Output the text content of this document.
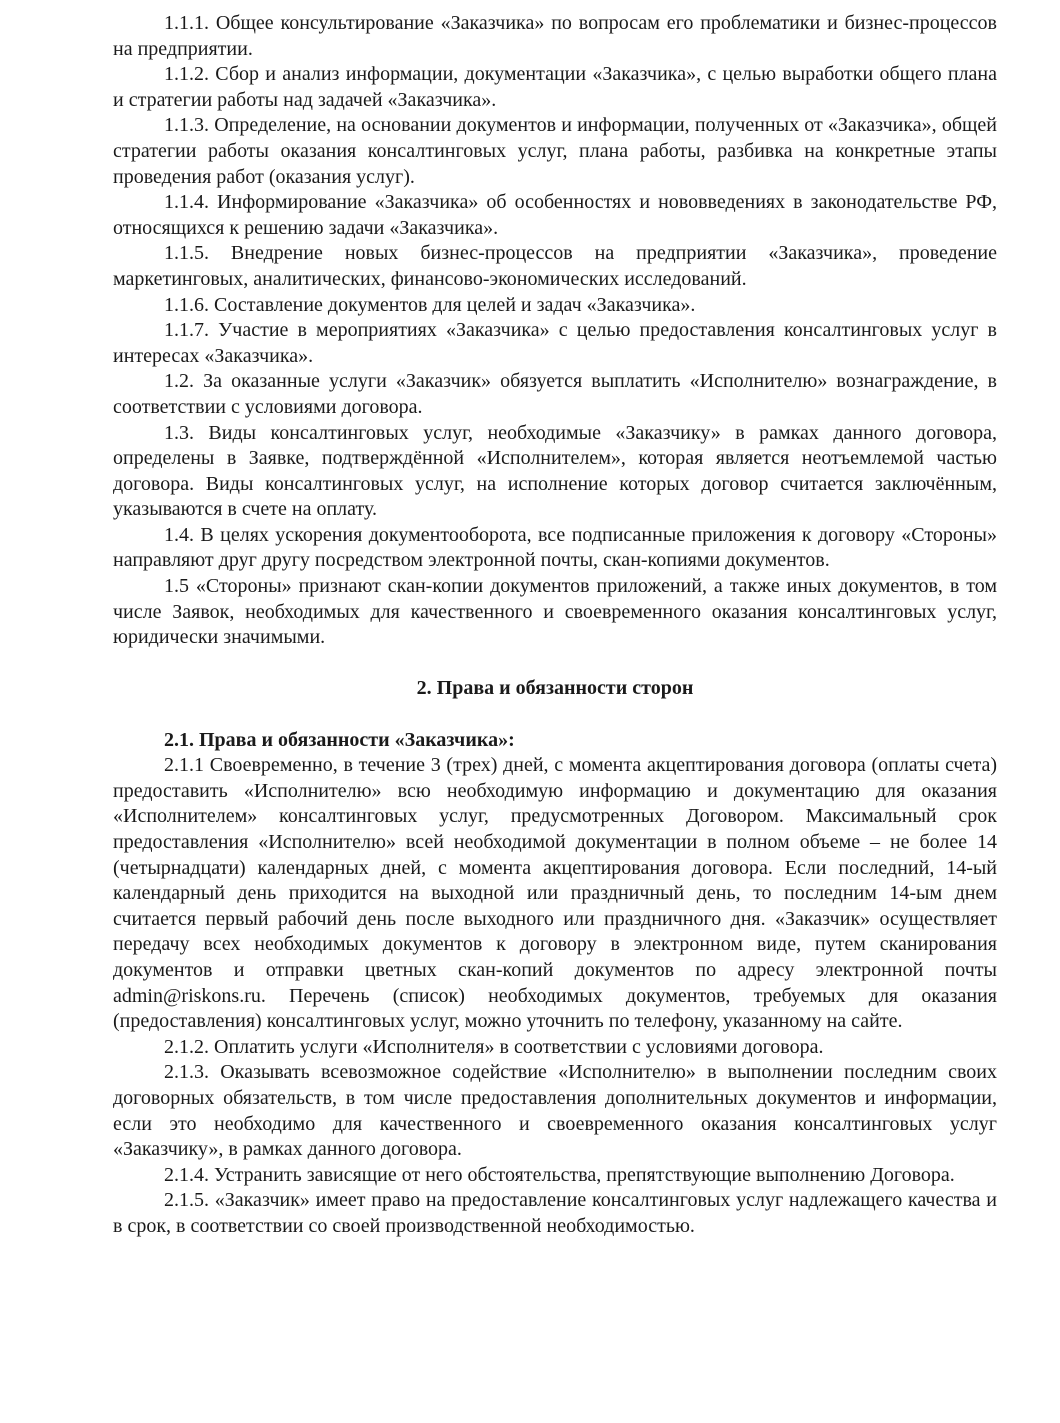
1.1.1. Общее консультирование «Заказчика» по вопросам его проблематики и бизнес-процессов на предприятии.

1.1.2. Сбор и анализ информации, документации «Заказчика», с целью выработки общего плана и стратегии работы над задачей «Заказчика».

1.1.3. Определение, на основании документов и информации, полученных от «Заказчика», общей стратегии работы оказания консалтинговых услуг, плана работы, разбивка на конкретные этапы проведения работ (оказания услуг).

1.1.4. Информирование «Заказчика» об особенностях и нововведениях в законодательстве РФ, относящихся к решению задачи «Заказчика».

1.1.5. Внедрение новых бизнес-процессов на предприятии «Заказчика», проведение маркетинговых, аналитических, финансово-экономических исследований.

1.1.6. Составление документов для целей и задач «Заказчика».

1.1.7. Участие в мероприятиях «Заказчика» с целью предоставления консалтинговых услуг в интересах «Заказчика».

1.2. За оказанные услуги «Заказчик» обязуется выплатить «Исполнителю» вознаграждение, в соответствии с условиями договора.

1.3. Виды консалтинговых услуг, необходимые «Заказчику» в рамках данного договора, определены в Заявке, подтверждённой «Исполнителем», которая является неотъемлемой частью договора. Виды консалтинговых услуг, на исполнение которых договор считается заключённым, указываются в счете на оплату.

1.4. В целях ускорения документооборота, все подписанные приложения к договору «Стороны» направляют друг другу посредством электронной почты, скан-копиями документов.

1.5 «Стороны» признают скан-копии документов приложений, а также иных документов, в том числе Заявок, необходимых для качественного и своевременного оказания консалтинговых услуг, юридически значимыми.

2. Права и обязанности сторон

2.1. Права и обязанности «Заказчика»:

2.1.1 Своевременно, в течение 3 (трех) дней, с момента акцептирования договора (оплаты счета) предоставить «Исполнителю» всю необходимую информацию и документацию для оказания «Исполнителем» консалтинговых услуг, предусмотренных Договором. Максимальный срок предоставления «Исполнителю» всей необходимой документации в полном объеме – не более 14 (четырнадцати) календарных дней, с момента акцептирования договора. Если последний, 14-ый календарный день приходится на выходной или праздничный день, то последним 14-ым днем считается первый рабочий день после выходного или праздничного дня. «Заказчик» осуществляет передачу всех необходимых документов к договору в электронном виде, путем сканирования документов и отправки цветных скан-копий документов по адресу электронной почты admin@riskons.ru. Перечень (список) необходимых документов, требуемых для оказания (предоставления) консалтинговых услуг, можно уточнить по телефону, указанному на сайте.

2.1.2. Оплатить услуги «Исполнителя» в соответствии с условиями договора.

2.1.3. Оказывать всевозможное содействие «Исполнителю» в выполнении последним своих договорных обязательств, в том числе предоставления дополнительных документов и информации, если это необходимо для качественного и своевременного оказания консалтинговых услуг «Заказчику», в рамках данного договора.

2.1.4. Устранить зависящие от него обстоятельства, препятствующие выполнению Договора.

2.1.5. «Заказчик» имеет право на предоставление консалтинговых услуг надлежащего качества и в срок, в соответствии со своей производственной необходимостью.
